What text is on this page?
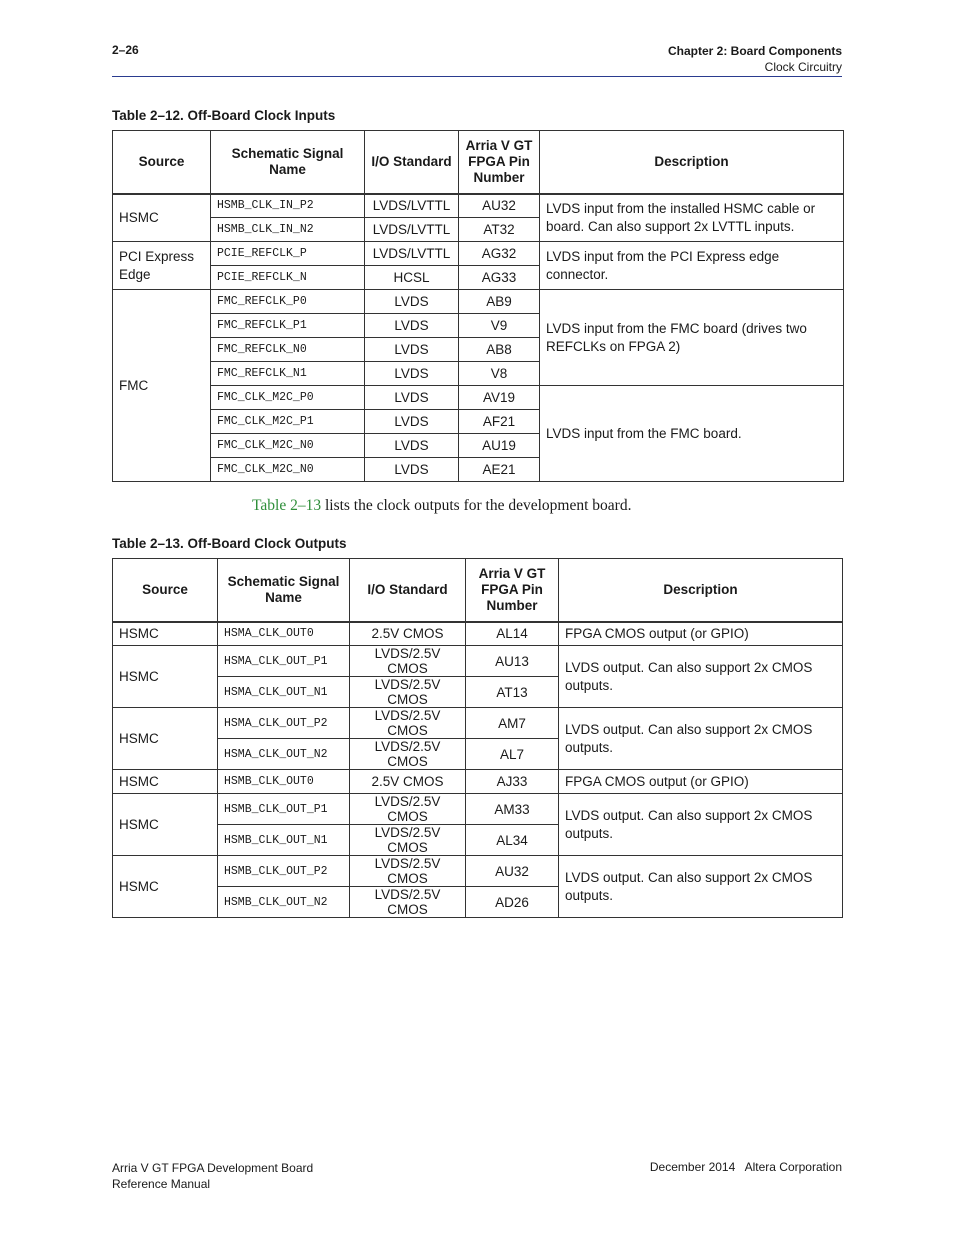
2–26	Chapter 2: Board Components
Clock Circuitry
Table 2–12. Off-Board Clock Inputs
Source	Schematic Signal Name	I/O Standard	Arria V GT FPGA Pin Number	Description
HSMC	HSMB_CLK_IN_P2	LVDS/LVTTL	AU32	LVDS input from the installed HSMC cable or board. Can also support 2x LVTTL inputs.
	HSMB_CLK_IN_N2	LVDS/LVTTL	AT32	
PCI Express Edge	PCIE_REFCLK_P	LVDS/LVTTL	AG32	LVDS input from the PCI Express edge connector.
	PCIE_REFCLK_N	HCSL	AG33	
FMC	FMC_REFCLK_P0	LVDS	AB9	LVDS input from the FMC board (drives two REFCLKs on FPGA 2)
	FMC_REFCLK_P1	LVDS	V9	
	FMC_REFCLK_N0	LVDS	AB8	
	FMC_REFCLK_N1	LVDS	V8	
	FMC_CLK_M2C_P0	LVDS	AV19	LVDS input from the FMC board.
	FMC_CLK_M2C_P1	LVDS	AF21	
	FMC_CLK_M2C_N0	LVDS	AU19	
	FMC_CLK_M2C_N0	LVDS	AE21	
Table 2–13 lists the clock outputs for the development board.
Table 2–13. Off-Board Clock Outputs
Source	Schematic Signal Name	I/O Standard	Arria V GT FPGA Pin Number	Description
HSMC	HSMA_CLK_OUT0	2.5V CMOS	AL14	FPGA CMOS output (or GPIO)
HSMC	HSMA_CLK_OUT_P1	LVDS/2.5V CMOS	AU13	LVDS output. Can also support 2x CMOS outputs.
	HSMA_CLK_OUT_N1	LVDS/2.5V CMOS	AT13	
HSMC	HSMA_CLK_OUT_P2	LVDS/2.5V CMOS	AM7	LVDS output. Can also support 2x CMOS outputs.
	HSMA_CLK_OUT_N2	LVDS/2.5V CMOS	AL7	
HSMC	HSMB_CLK_OUT0	2.5V CMOS	AJ33	FPGA CMOS output (or GPIO)
HSMC	HSMB_CLK_OUT_P1	LVDS/2.5V CMOS	AM33	LVDS output. Can also support 2x CMOS outputs.
	HSMB_CLK_OUT_N1	LVDS/2.5V CMOS	AL34	
HSMC	HSMB_CLK_OUT_P2	LVDS/2.5V CMOS	AU32	LVDS output. Can also support 2x CMOS outputs.
	HSMB_CLK_OUT_N2	LVDS/2.5V CMOS	AD26	
Arria V GT FPGA Development Board
Reference Manual
December 2014   Altera Corporation
